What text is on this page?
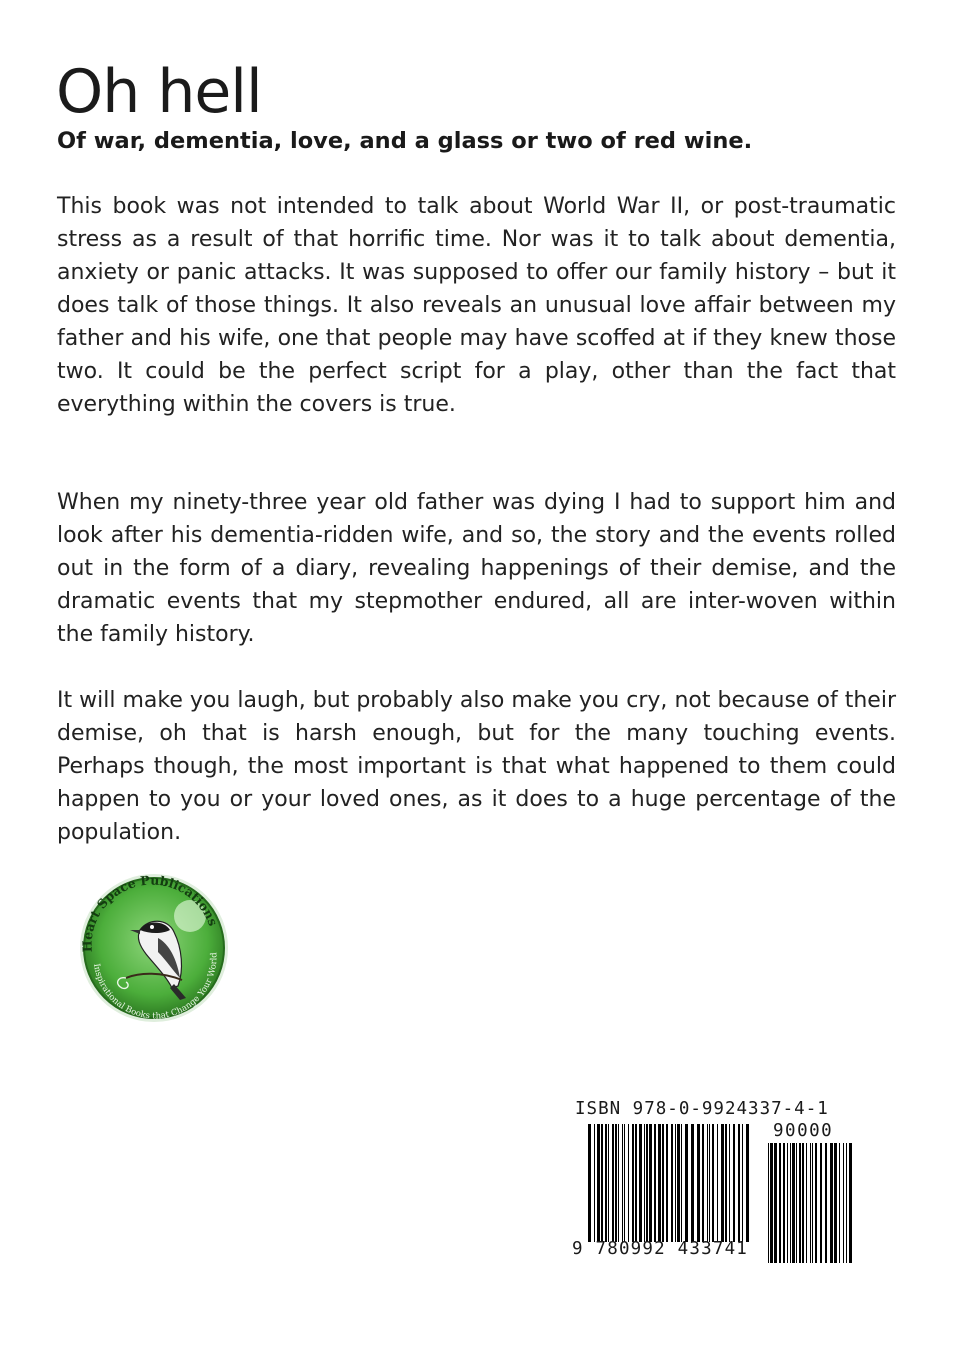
Oh hell

Of war, dementia, love, and a glass or two of red wine.

This book was not intended to talk about World War II, or post-traumatic stress as a result of that horrific time. Nor was it to talk about dementia, anxiety or panic attacks. It was supposed to offer our family history – but it does talk of those things. It also reveals an unusual love affair between my father and his wife, one that people may have scoffed at if they knew those two. It could be the perfect script for a play, other than the fact that everything within the covers is true.

When my ninety-three year old father was dying I had to support him and look after his dementia-ridden wife, and so, the story and the events rolled out in the form of a diary, revealing happenings of their demise, and the dramatic events that my stepmother endured, all are inter-woven within the family history.

It will make you laugh, but probably also make you cry, not because of their demise, oh that is harsh enough, but for the many touching events. Perhaps though, the most important is that what happened to them could happen to you or your loved ones, as it does to a huge percentage of the population.

Heart Space Publications
Inspirational Books that Change Your World
ISBN 978-0-9924337-4-1
90000
9 780992 433741
